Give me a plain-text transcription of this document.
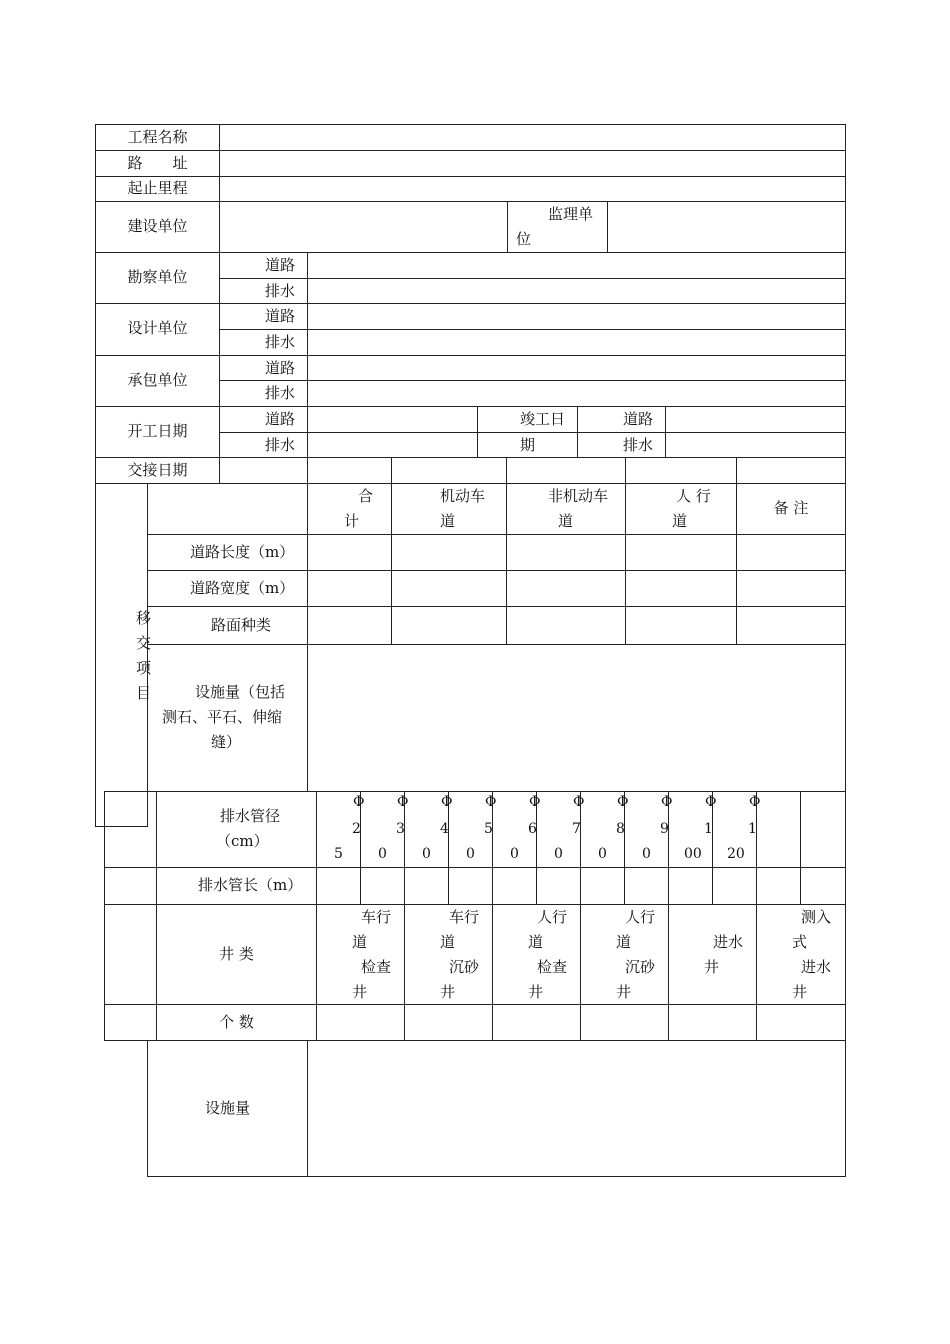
工程名称
路　　址
起止里程
建设单位
监理单
位
勘察单位
道路
排水
设计单位
道路
排水
承包单位
道路
排水
开工日期
道路
排水
竣工日
期
道路
排水
交接日期
合
计
机动车
道
非机动车
道
人 行
道
备 注
移
交
项
目
道路长度（m）
道路宽度（m）
路面种类
设施量（包括
测石、平石、伸缩
缝）
排水管径
（cm）
Φ
2
5
Φ
3
0
Φ
4
0
Φ
5
0
Φ
6
0
Φ
7
0
Φ
8
0
Φ
9
0
Φ
1
00
Φ
1
20
排水管长（m）
井 类
车行
道
检查
井
车行
道
沉砂
井
人行
道
检查
井
人行
道
沉砂
井
进水
井
测入
式
进水
井
个 数
设施量
